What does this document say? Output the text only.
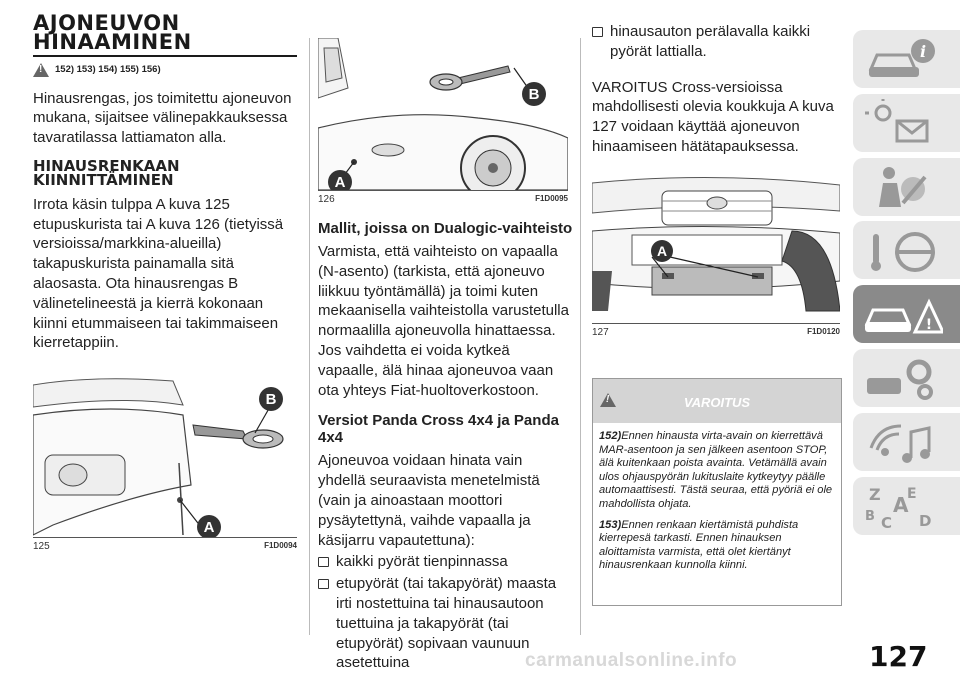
AJONEUVON
HINAAMINEN
!
152) 153) 154) 155) 156)

Hinausrengas, jos toimitettu ajoneuvon mukana, sijaitsee välinepakkauksessa tavaratilassa lattiamaton alla.

HINAUSRENKAAN
KIINNITTÄMINEN

Irrota käsin tulppa A kuva 125 etupuskurista tai A kuva 126 (tietyissä versioissa/markkina-alueilla) takapuskurista painamalla sitä alaosasta. Ota hinausrengas B välinetelineestä ja kierrä kokonaan kiinni etummaiseen tai takimmaiseen kierretappiin.

B
A
125	F1D0094
B
A
126	F1D0095
Mallit, joissa on Dualogic-vaihteisto

Varmista, että vaihteisto on vapaalla (N-asento) (tarkista, että ajoneuvo liikkuu työntämällä) ja toimi kuten mekaanisella vaihteistolla varustetulla normaalilla ajoneuvolla hinattaessa. Jos vaihdetta ei voida kytkeä vapaalle, älä hinaa ajoneuvoa vaan ota yhteys Fiat-huoltoverkostoon.

Versiot Panda Cross 4x4 ja Panda 4x4

Ajoneuvoa voidaan hinata vain yhdellä seuraavista menetelmistä (vain ja ainoastaan moottori pysäytettynä, vaihde vapaalla ja käsijarru vapautettuna):

kaikki pyörät tienpinnassa

etupyörät (tai takapyörät) maasta irti nostettuina tai hinausautoon tuettuina ja takapyörät (tai etupyörät) sopivaan vaunuun asetettuina

hinausauton perälavalla kaikki pyörät lattialla.

VAROITUS Cross-versioissa mahdollisesti olevia koukkuja A kuva 127 voidaan käyttää ajoneuvon hinaamiseen hätätapauksessa.

A
127	F1D0120
!
VAROITUS

152)Ennen hinausta virta-avain on kierrettävä MAR-asentoon ja sen jälkeen asentoon STOP, älä kuitenkaan poista avainta. Vetämällä avain ulos ohjauspyörän lukituslaite kytkeytyy päälle automaattisesti. Tästä seuraa, että pyöriä ei ole mahdollista ohjata.

153)Ennen renkaan kiertämistä puhdista kierrepesä tarkasti. Ennen hinauksen aloittamista varmista, että olet kiertänyt hinausrenkaan kunnolla kiinni.

i
!
Z E
A
B C D
127
carmanualsonline.info
